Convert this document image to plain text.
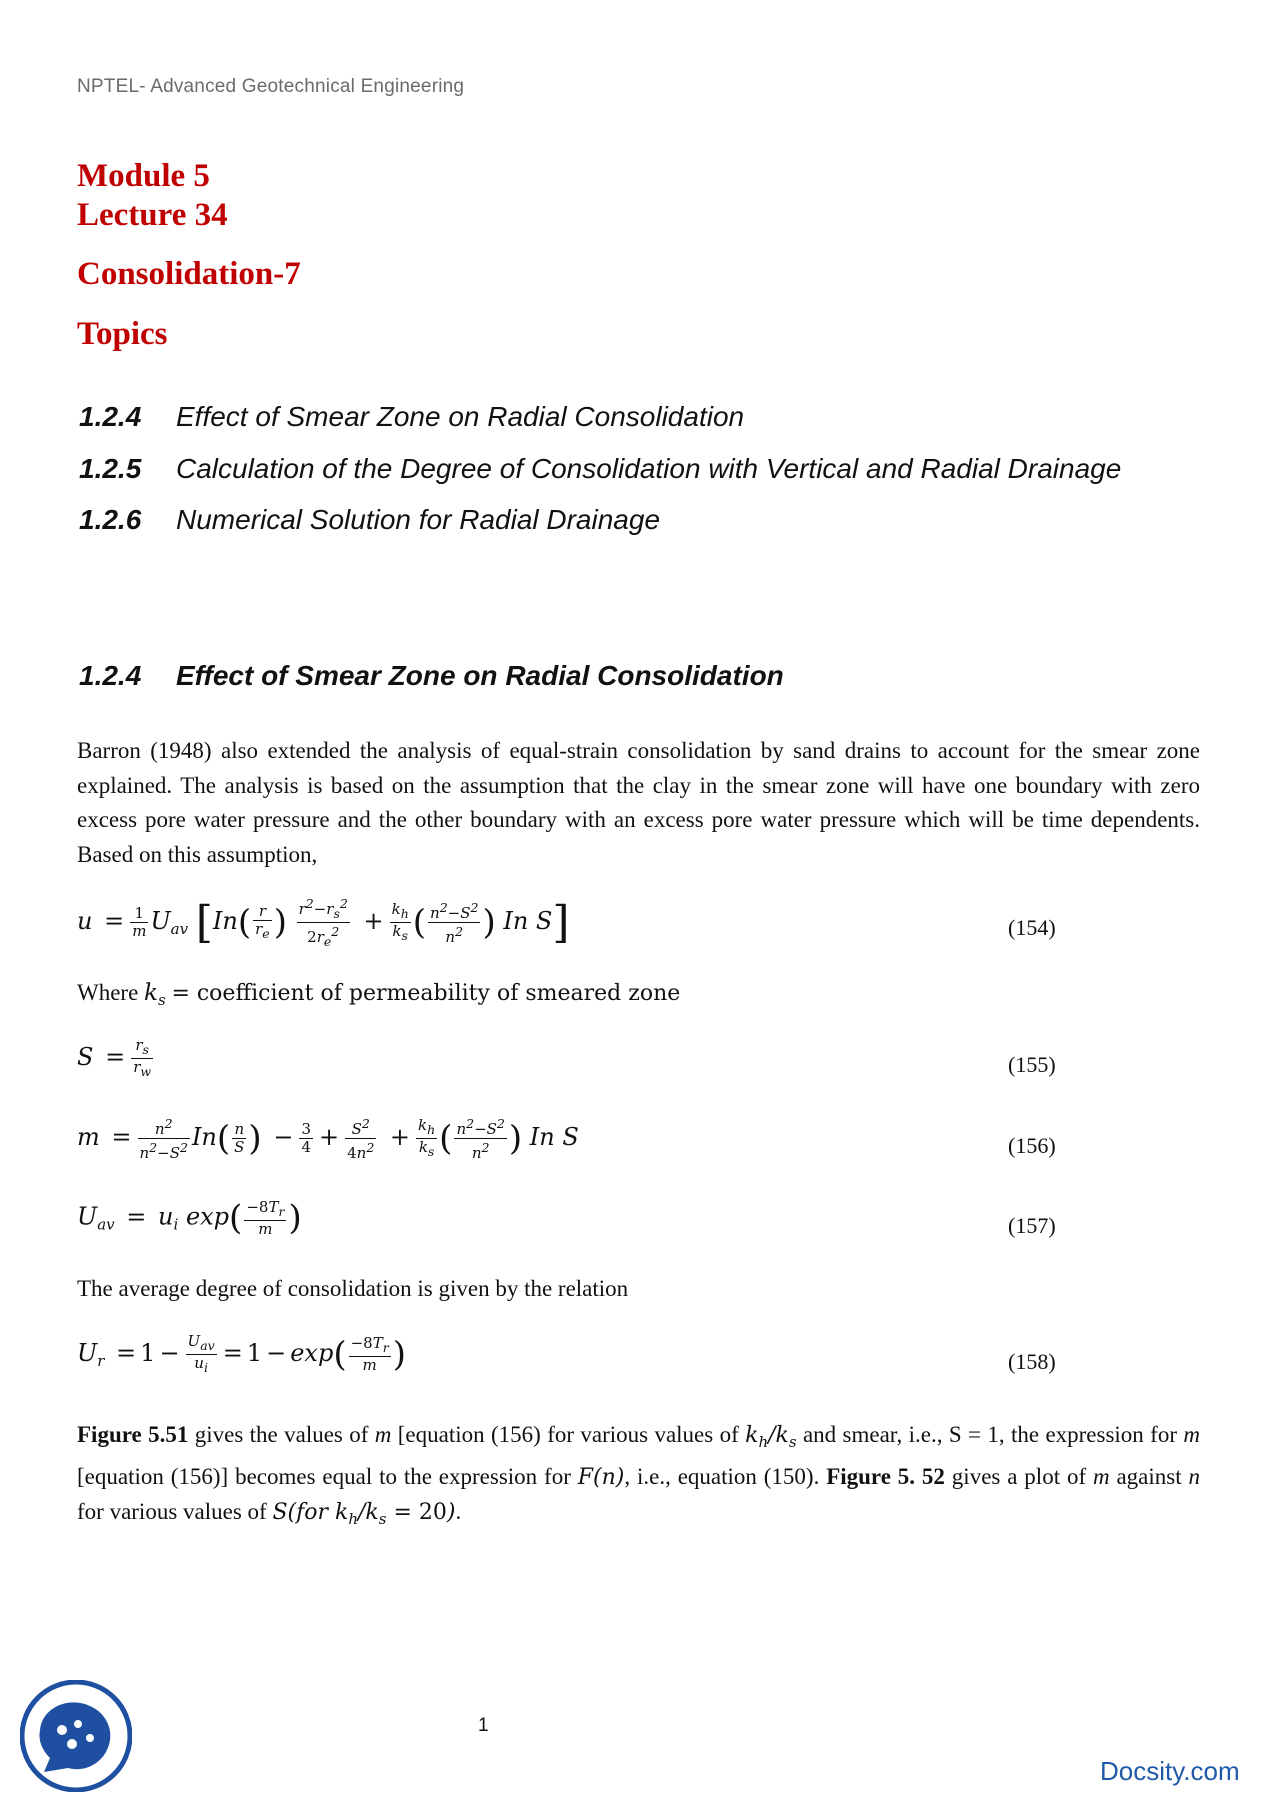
NPTEL- Advanced Geotechnical Engineering
Module 5
Lecture 34
Consolidation-7
Topics
1.2.4 Effect of Smear Zone on Radial Consolidation
1.2.5 Calculation of the Degree of Consolidation with Vertical and Radial Drainage
1.2.6 Numerical Solution for Radial Drainage
1.2.4 Effect of Smear Zone on Radial Consolidation
Barron (1948) also extended the analysis of equal-strain consolidation by sand drains to account for the smear zone explained. The analysis is based on the assumption that the clay in the smear zone will have one boundary with zero excess pore water pressure and the other boundary with an excess pore water pressure which will be time dependents. Based on this assumption,
$u = \frac{1}{m} U_{av}$ [$In( \frac{r}{r_e}$ ) $\frac{r^2-r_s^2}{2r_e^2} + \frac{k_h}{k_s}$ ( $\frac{n^2-S^2}{n^2}$ ) In S]	(154)
Where $k_s$ = coefficient of permeability of smeared zone
$S = \frac{r_s}{r_w}$	(155)
$m = \frac{n^2}{n^2-S^2} In( \frac{n}{S}$ ) − $\frac{3}{4} + \frac{S^2}{4n^2} + \frac{k_h}{k_s}$ ( $\frac{n^2-S^2}{n^2}$ ) In S	(156)
$U_{av} = u_i$ $\exp( \frac{-8T_r}{m}$ )	(157)
The average degree of consolidation is given by the relation
$U_r = 1 - \frac{U_{av}}{u_i} = 1 - \exp( \frac{-8T_r}{m}$ )	(158)
Figure 5.51 gives the values of m [equation (156) for various values of $k_h/k_s$ and smear, i.e., S = 1, the expression for m [equation (156)] becomes equal to the expression for F(n), i.e., equation (150). Figure 5. 52 gives a plot of m against n for various values of S(for $k_h/k_s = 20$).
1
Docsity.com
